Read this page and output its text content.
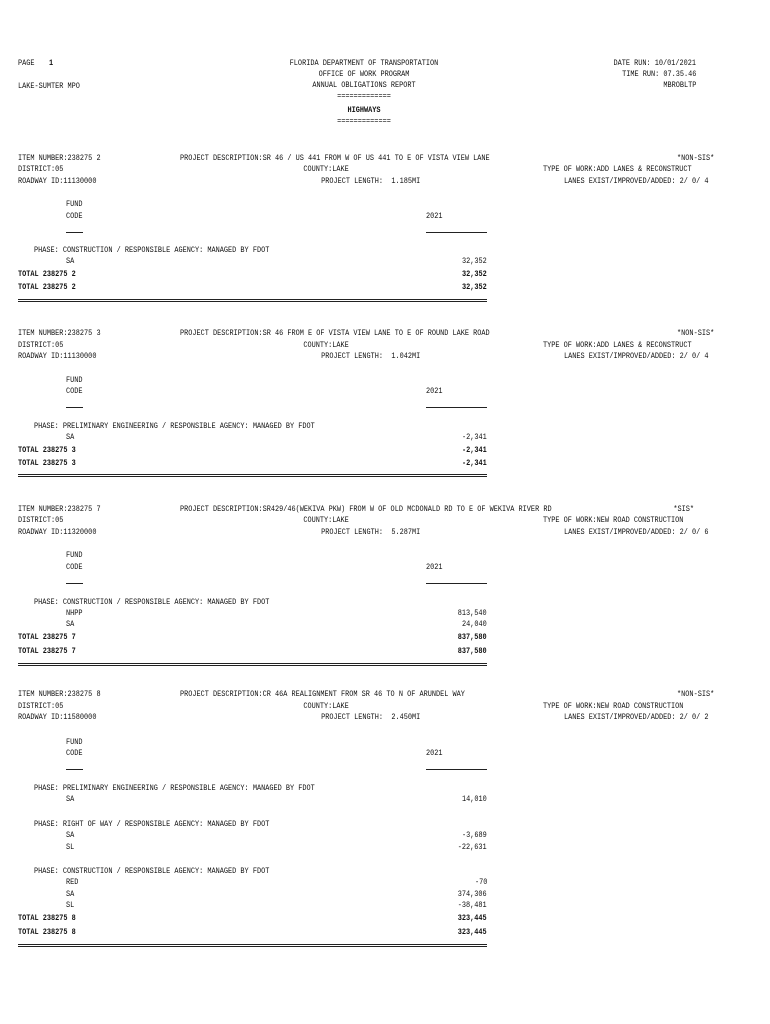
PAGE 1
LAKE-SUMTER MPO
FLORIDA DEPARTMENT OF TRANSPORTATION
OFFICE OF WORK PROGRAM
ANNUAL OBLIGATIONS REPORT
=============
HIGHWAYS
=============
DATE RUN: 10/01/2021
TIME RUN: 07.35.46
MBROBLTP
ITEM NUMBER:238275 2
DISTRICT:05
ROADWAY ID:11130000
PROJECT DESCRIPTION:SR 46 / US 441 FROM W OF US 441 TO E OF VISTA VIEW LANE
COUNTY:LAKE
PROJECT LENGTH:  1.185MI
*NON-SIS*
TYPE OF WORK:ADD LANES & RECONSTRUCT
LANES EXIST/IMPROVED/ADDED: 2/ 0/ 4
FUND
CODE	2021
PHASE: CONSTRUCTION / RESPONSIBLE AGENCY: MANAGED BY FDOT
SA	32,352
TOTAL 238275 2	32,352
TOTAL 238275 2	32,352
ITEM NUMBER:238275 3
DISTRICT:05
ROADWAY ID:11130000
PROJECT DESCRIPTION:SR 46 FROM E OF VISTA VIEW LANE TO E OF ROUND LAKE ROAD
COUNTY:LAKE
PROJECT LENGTH:  1.042MI
*NON-SIS*
TYPE OF WORK:ADD LANES & RECONSTRUCT
LANES EXIST/IMPROVED/ADDED: 2/ 0/ 4
FUND
CODE	2021
PHASE: PRELIMINARY ENGINEERING / RESPONSIBLE AGENCY: MANAGED BY FDOT
SA	-2,341
TOTAL 238275 3	-2,341
TOTAL 238275 3	-2,341
ITEM NUMBER:238275 7
DISTRICT:05
ROADWAY ID:11320000
PROJECT DESCRIPTION:SR429/46(WEKIVA PKW) FROM W OF OLD MCDONALD RD TO E OF WEKIVA RIVER RD
COUNTY:LAKE
PROJECT LENGTH:  5.287MI
*SIS*
TYPE OF WORK:NEW ROAD CONSTRUCTION
LANES EXIST/IMPROVED/ADDED: 2/ 0/ 6
FUND
CODE	2021
PHASE: CONSTRUCTION / RESPONSIBLE AGENCY: MANAGED BY FDOT
NHPP	813,540
SA	24,040
TOTAL 238275 7	837,580
TOTAL 238275 7	837,580
ITEM NUMBER:238275 8
DISTRICT:05
ROADWAY ID:11580000
PROJECT DESCRIPTION:CR 46A REALIGNMENT FROM SR 46 TO N OF ARUNDEL WAY
COUNTY:LAKE
PROJECT LENGTH:  2.450MI
*NON-SIS*
TYPE OF WORK:NEW ROAD CONSTRUCTION
LANES EXIST/IMPROVED/ADDED: 2/ 0/ 2
FUND
CODE	2021
PHASE: PRELIMINARY ENGINEERING / RESPONSIBLE AGENCY: MANAGED BY FDOT
SA	14,010
PHASE: RIGHT OF WAY / RESPONSIBLE AGENCY: MANAGED BY FDOT
SA	-3,689
SL	-22,631
PHASE: CONSTRUCTION / RESPONSIBLE AGENCY: MANAGED BY FDOT
RED	-70
SA	374,306
SL	-38,481
TOTAL 238275 8	323,445
TOTAL 238275 8	323,445
